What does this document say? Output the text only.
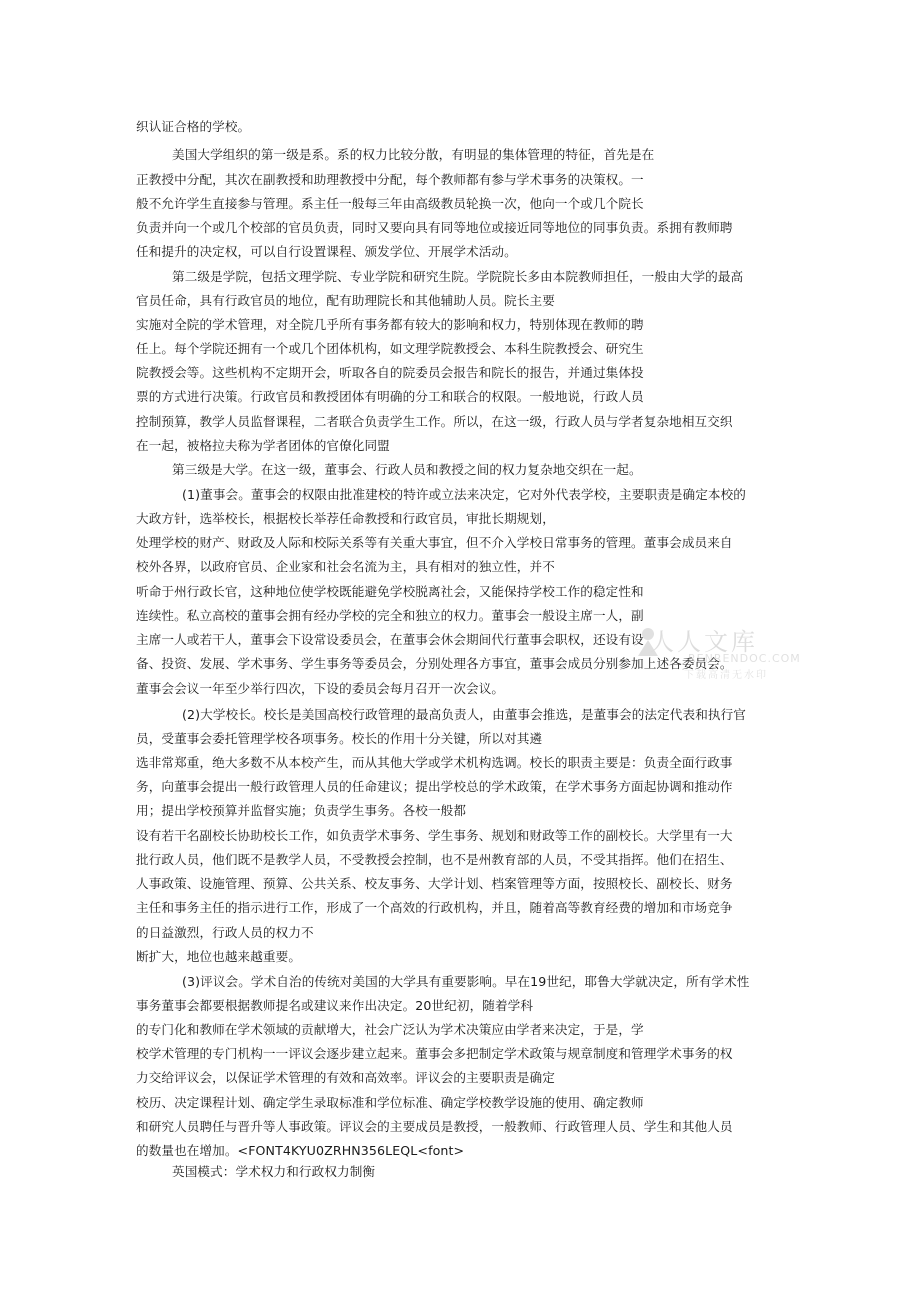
织认证合格的学校。
美国大学组织的第一级是系。系的权力比较分散，有明显的集体管理的特征，首先是在
正教授中分配，其次在副教授和助理教授中分配，每个教师都有参与学术事务的决策权。一
般不允许学生直接参与管理。系主任一般每三年由高级教员轮换一次，他向一个或几个院长
负责并向一个或几个校部的官员负责，同时又要向具有同等地位或接近同等地位的同事负责。系拥有教师聘
任和提升的决定权，可以自行设置课程、颁发学位、开展学术活动。
第二级是学院，包括文理学院、专业学院和研究生院。学院院长多由本院教师担任，一般由大学的最高
官员任命，具有行政官员的地位，配有助理院长和其他辅助人员。院长主要
实施对全院的学术管理，对全院几乎所有事务都有较大的影响和权力，特别体现在教师的聘
任上。每个学院还拥有一个或几个团体机构，如文理学院教授会、本科生院教授会、研究生
院教授会等。这些机构不定期开会，听取各自的院委员会报告和院长的报告，并通过集体投
票的方式进行决策。行政官员和教授团体有明确的分工和联合的权限。一般地说，行政人员
控制预算，教学人员监督课程，二者联合负责学生工作。所以，在这一级，行政人员与学者复杂地相互交织
在一起，被格拉夫称为学者团体的官僚化同盟
第三级是大学。在这一级，董事会、行政人员和教授之间的权力复杂地交织在一起。
(1)董事会。董事会的权限由批准建校的特许或立法来决定，它对外代表学校，主要职责是确定本校的
大政方针，选举校长，根据校长举荐任命教授和行政官员，审批长期规划，
处理学校的财产、财政及人际和校际关系等有关重大事宜，但不介入学校日常事务的管理。董事会成员来自
校外各界，以政府官员、企业家和社会名流为主，具有相对的独立性，并不
听命于州行政长官，这种地位使学校既能避免学校脱离社会，又能保持学校工作的稳定性和
连续性。私立高校的董事会拥有经办学校的完全和独立的权力。董事会一般设主席一人，副
主席一人或若干人，董事会下设常设委员会，在董事会休会期间代行董事会职权，还设有设
备、投资、发展、学术事务、学生事务等委员会，分别处理各方事宜，董事会成员分别参加上述各委员会。
董事会会议一年至少举行四次，下设的委员会每月召开一次会议。
(2)大学校长。校长是美国高校行政管理的最高负责人，由董事会推选，是董事会的法定代表和执行官
员，受董事会委托管理学校各项事务。校长的作用十分关键，所以对其遴
选非常郑重，绝大多数不从本校产生，而从其他大学或学术机构选调。校长的职责主要是：负责全面行政事
务，向董事会提出一般行政管理人员的任命建议；提出学校总的学术政策，在学术事务方面起协调和推动作
用；提出学校预算并监督实施；负责学生事务。各校一般都
设有若干名副校长协助校长工作，如负责学术事务、学生事务、规划和财政等工作的副校长。大学里有一大
批行政人员，他们既不是教学人员，不受教授会控制，也不是州教育部的人员，不受其指挥。他们在招生、
人事政策、设施管理、预算、公共关系、校友事务、大学计划、档案管理等方面，按照校长、副校长、财务
主任和事务主任的指示进行工作，形成了一个高效的行政机构，并且，随着高等教育经费的增加和市场竞争
的日益激烈，行政人员的权力不
断扩大，地位也越来越重要。
(3)评议会。学术自治的传统对美国的大学具有重要影响。早在19世纪，耶鲁大学就决定，所有学术性
事务董事会都要根据教师提名或建议来作出决定。20世纪初，随着学科
的专门化和教师在学术领域的贡献增大，社会广泛认为学术决策应由学者来决定，于是，学
校学术管理的专门机构一一评议会逐步建立起来。董事会多把制定学术政策与规章制度和管理学术事务的权
力交给评议会，以保证学术管理的有效和高效率。评议会的主要职责是确定
校历、决定课程计划、确定学生录取标准和学位标准、确定学校教学设施的使用、确定教师
和研究人员聘任与晋升等人事政策。评议会的主要成员是教授，一般教师、行政管理人员、学生和其他人员
的数量也在增加。<FONT4KYU0ZRHN356LEQL<font>
英国模式：学术权力和行政权力制衡
人人文库
RENRENDOC.COM
下载高清无水印
